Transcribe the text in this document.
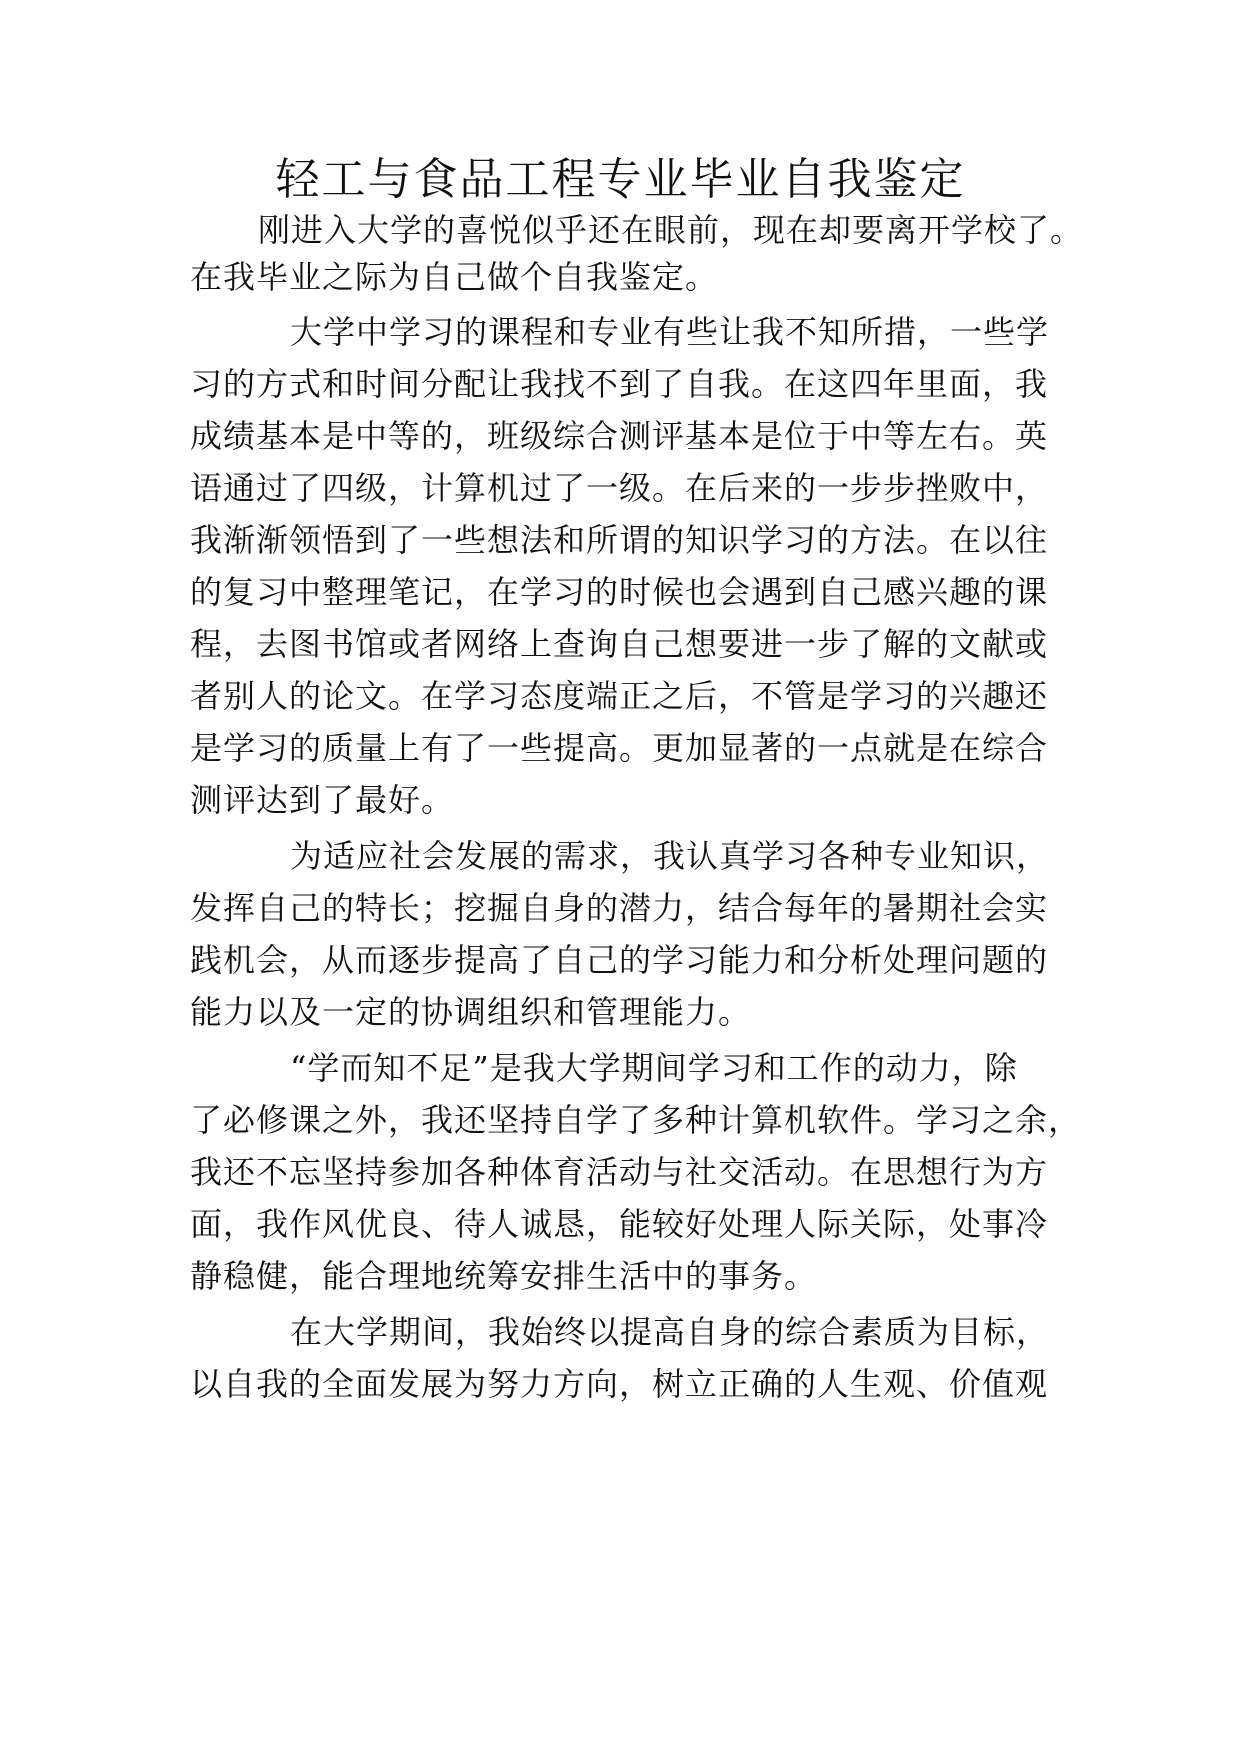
轻工与食品工程专业毕业自我鉴定
刚进入大学的喜悦似乎还在眼前，现在却要离开学校了。
在我毕业之际为自己做个自我鉴定。
大学中学习的课程和专业有些让我不知所措，一些学
习的方式和时间分配让我找不到了自我。在这四年里面，我
成绩基本是中等的，班级综合测评基本是位于中等左右。英
语通过了四级，计算机过了一级。在后来的一步步挫败中，
我渐渐领悟到了一些想法和所谓的知识学习的方法。在以往
的复习中整理笔记，在学习的时候也会遇到自己感兴趣的课
程，去图书馆或者网络上查询自己想要进一步了解的文献或
者别人的论文。在学习态度端正之后，不管是学习的兴趣还
是学习的质量上有了一些提高。更加显著的一点就是在综合
测评达到了最好。
为适应社会发展的需求，我认真学习各种专业知识，
发挥自己的特长；挖掘自身的潜力，结合每年的暑期社会实
践机会，从而逐步提高了自己的学习能力和分析处理问题的
能力以及一定的协调组织和管理能力。
“学而知不足”是我大学期间学习和工作的动力，除
了必修课之外，我还坚持自学了多种计算机软件。学习之余，
我还不忘坚持参加各种体育活动与社交活动。在思想行为方
面，我作风优良、待人诚恳，能较好处理人际关际，处事冷
静稳健，能合理地统筹安排生活中的事务。
在大学期间，我始终以提高自身的综合素质为目标，
以自我的全面发展为努力方向，树立正确的人生观、价值观
